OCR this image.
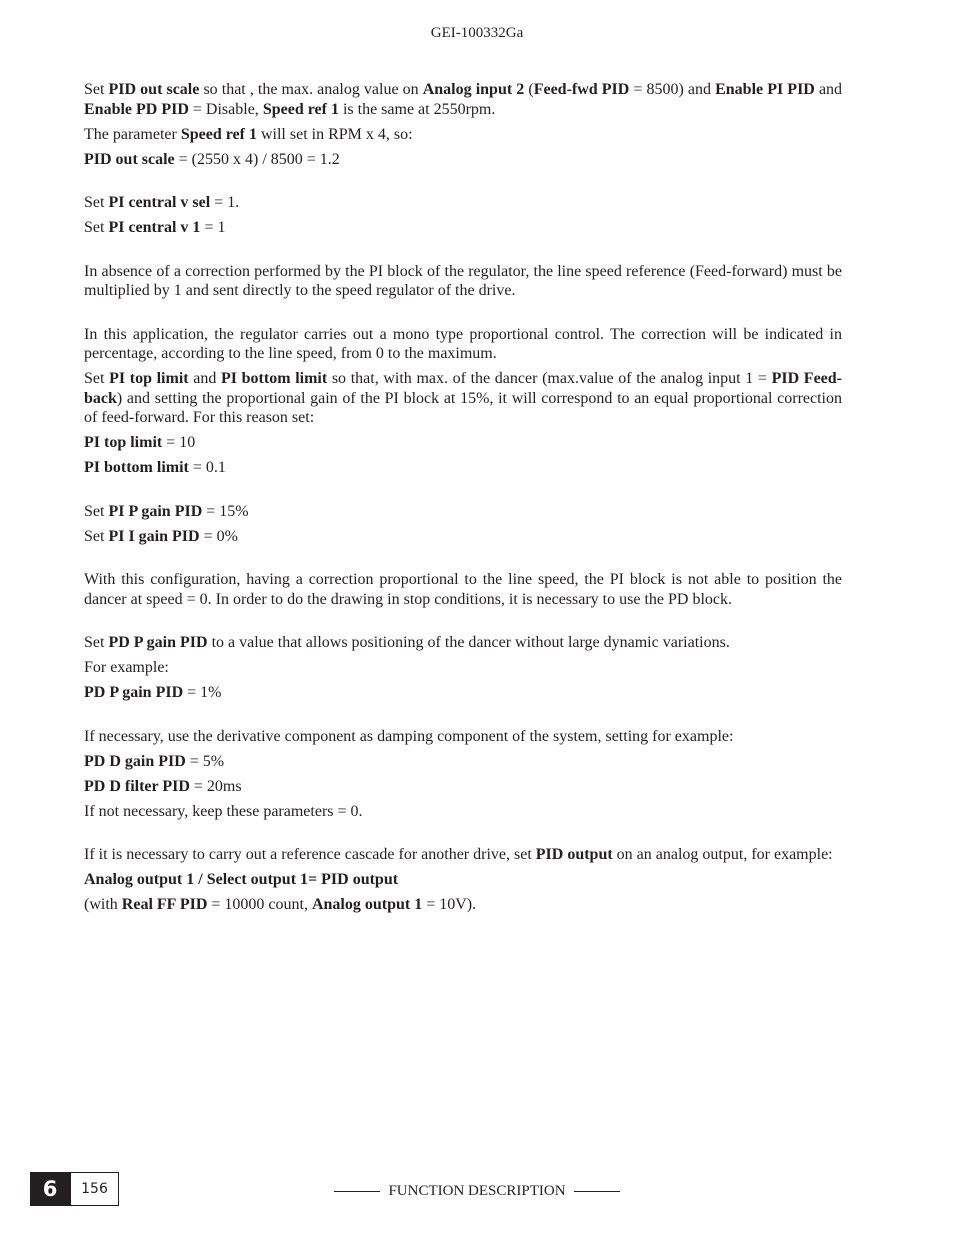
GEI-100332Ga

Set PID out scale so that , the max. analog value on Analog input 2 (Feed-fwd PID = 8500) and Enable PI PID and Enable PD PID = Disable, Speed ref 1 is the same at 2550rpm.

The parameter Speed ref 1 will set in RPM x 4, so:

PID out scale = (2550 x 4) / 8500 = 1.2

Set PI central v sel = 1.

Set PI central v 1 = 1

In absence of a correction performed by the PI block of the regulator, the line speed reference (Feed-forward) must be multiplied by 1 and sent directly to the speed regulator of the drive.

In this application, the regulator carries out a mono type proportional control. The correction will be indicated in percentage, according to the line speed, from 0 to the maximum.

Set PI top limit and PI bottom limit so that, with max. of the dancer (max.value of the analog input 1 = PID Feed-back) and setting the proportional gain of the PI block at 15%, it will correspond to an equal proportional correction of feed-forward. For this reason set:

PI top limit = 10

PI bottom limit = 0.1

Set PI P gain PID = 15%

Set PI I gain PID = 0%

With this configuration, having a correction proportional to the line speed, the PI block is not able to position the dancer at speed = 0. In order to do the drawing in stop conditions, it is necessary to use the PD block.

Set PD P gain PID to a value that allows positioning of the dancer without large dynamic variations.

For example:

PD P gain PID = 1%

If necessary, use the derivative component as damping component of the system, setting for example:

PD D gain PID = 5%

PD D filter PID = 20ms

If not necessary, keep these parameters = 0.

If it is necessary to carry out a reference cascade for another drive, set PID output on an analog output, for example:

Analog output 1 / Select output 1= PID output

(with Real FF PID = 10000 count, Analog output 1 = 10V).

6	156	FUNCTION DESCRIPTION
